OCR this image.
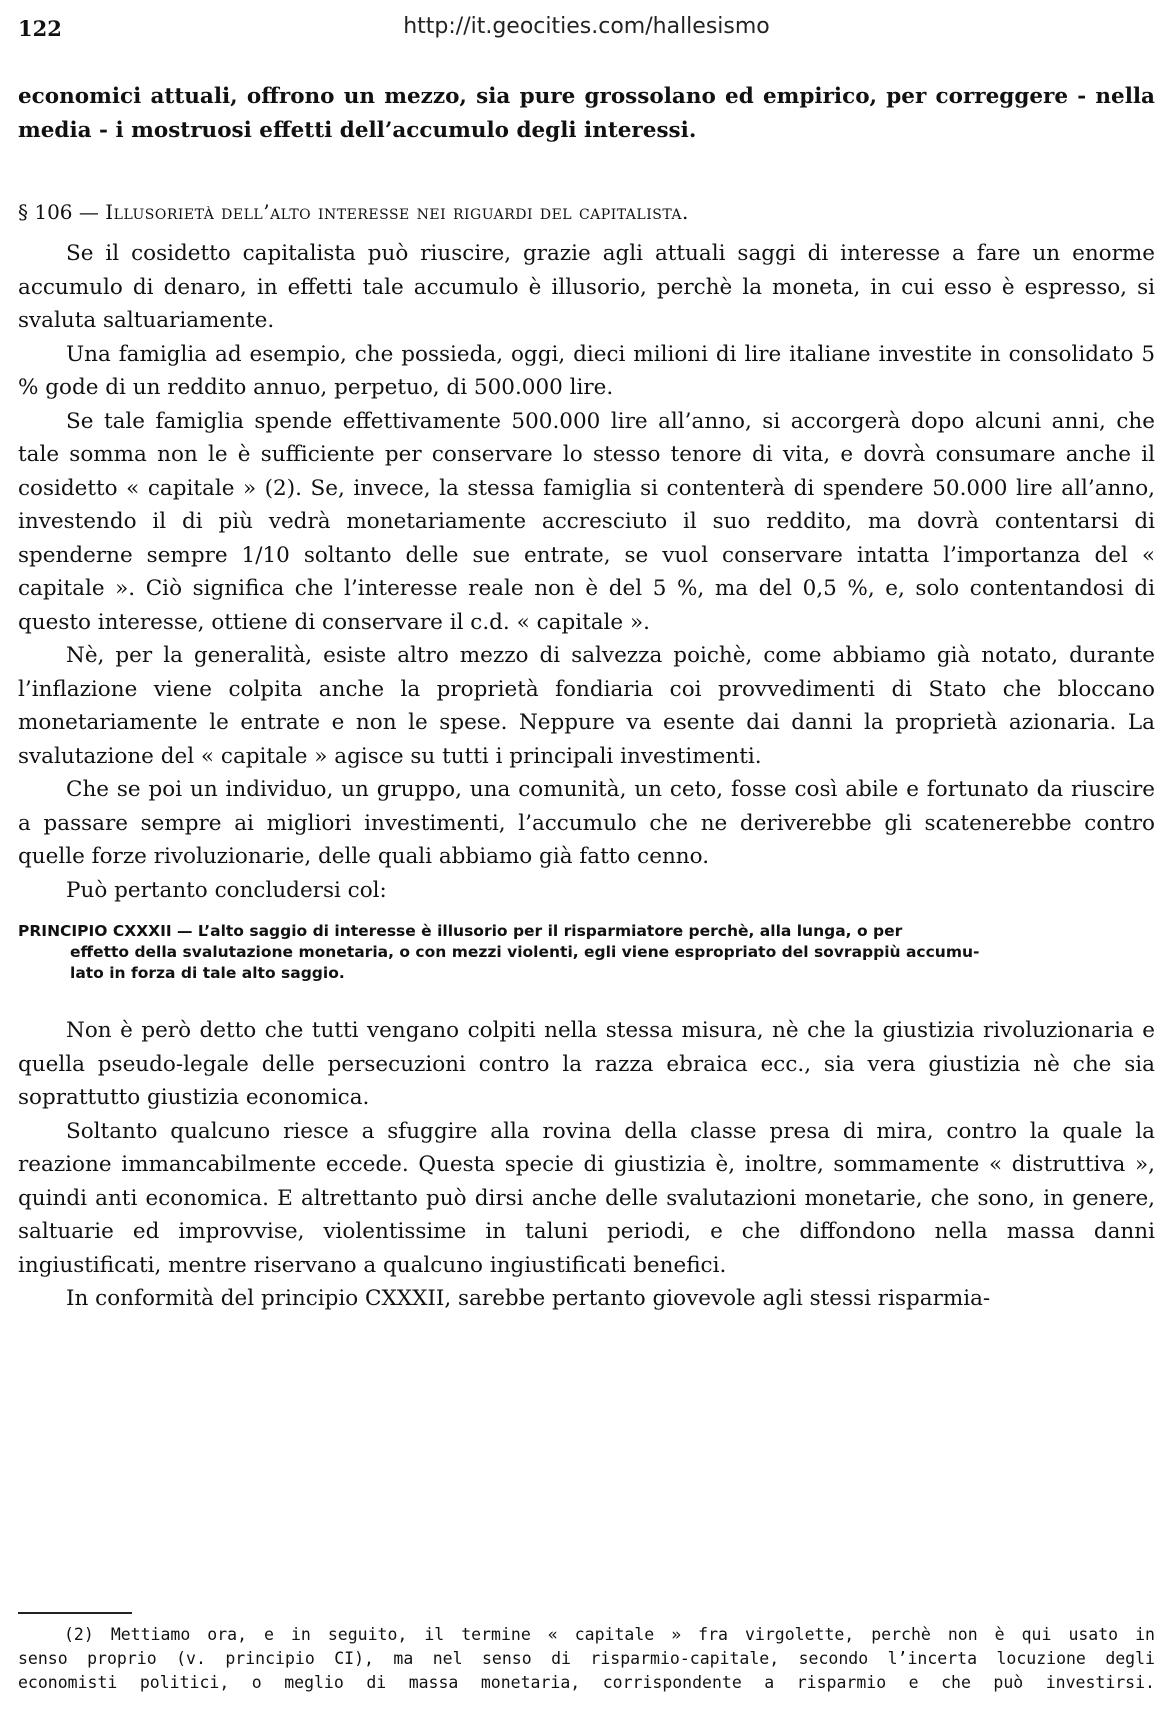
122	http://it.geocities.com/hallesismo

economici attuali, offrono un mezzo, sia pure grossolano ed empirico, per correggere - nella media - i mostruosi effetti dell’accumulo degli interessi.

§ 106 — Illusorietà dell’alto interesse nei riguardi del capitalista.

Se il cosidetto capitalista può riuscire, grazie agli attuali saggi di interesse a fare un enorme accumulo di denaro, in effetti tale accumulo è illusorio, perchè la moneta, in cui esso è espresso, si svaluta saltuariamente.

Una famiglia ad esempio, che possieda, oggi, dieci milioni di lire italiane investite in consolidato 5 % gode di un reddito annuo, perpetuo, di 500.000 lire.

Se tale famiglia spende effettivamente 500.000 lire all’anno, si accorgerà dopo alcuni anni, che tale somma non le è sufficiente per conservare lo stesso tenore di vita, e dovrà consumare anche il cosidetto « capitale » (2). Se, invece, la stessa famiglia si contenterà di spendere 50.000 lire all’anno, investendo il di più vedrà monetariamente accresciuto il suo reddito, ma dovrà contentarsi di spenderne sempre 1/10 soltanto delle sue entrate, se vuol conservare intatta l’importanza del « capitale ». Ciò significa che l’interesse reale non è del 5 %, ma del 0,5 %, e, solo contentandosi di questo interesse, ottiene di conservare il c.d. « capitale ».

Nè, per la generalità, esiste altro mezzo di salvezza poichè, come abbiamo già notato, durante l’inflazione viene colpita anche la proprietà fondiaria coi provvedimenti di Stato che bloccano monetariamente le entrate e non le spese. Neppure va esente dai danni la proprietà azionaria. La svalutazione del « capitale » agisce su tutti i principali investimenti.

Che se poi un individuo, un gruppo, una comunità, un ceto, fosse così abile e fortunato da riuscire a passare sempre ai migliori investimenti, l’accumulo che ne deriverebbe gli scatenerebbe contro quelle forze rivoluzionarie, delle quali abbiamo già fatto cenno.

Può pertanto concludersi col:

PRINCIPIO CXXXII — L’alto saggio di interesse è illusorio per il risparmiatore perchè, alla lunga, o per
effetto della svalutazione monetaria, o con mezzi violenti, egli viene espropriato del sovrappiù accumu-
lato in forza di tale alto saggio.

Non è però detto che tutti vengano colpiti nella stessa misura, nè che la giustizia rivoluzionaria e quella pseudo-legale delle persecuzioni contro la razza ebraica ecc., sia vera giustizia nè che sia soprattutto giustizia economica.

Soltanto qualcuno riesce a sfuggire alla rovina della classe presa di mira, contro la quale la reazione immancabilmente eccede. Questa specie di giustizia è, inoltre, sommamente « distruttiva », quindi anti economica. E altrettanto può dirsi anche delle svalutazioni monetarie, che sono, in genere, saltuarie ed improvvise, violentissime in taluni periodi, e che diffondono nella massa danni ingiustificati, mentre riservano a qualcuno ingiustificati benefici.

In conformità del principio CXXXII, sarebbe pertanto giovevole agli stessi risparmia-

(2) Mettiamo ora, e in seguito, il termine « capitale » fra virgolette, perchè non è qui usato in
senso proprio (v. principio CI), ma nel senso di risparmio-capitale, secondo l’incerta locuzione degli
economisti politici, o meglio di massa monetaria, corrispondente a risparmio e che può investirsi.
